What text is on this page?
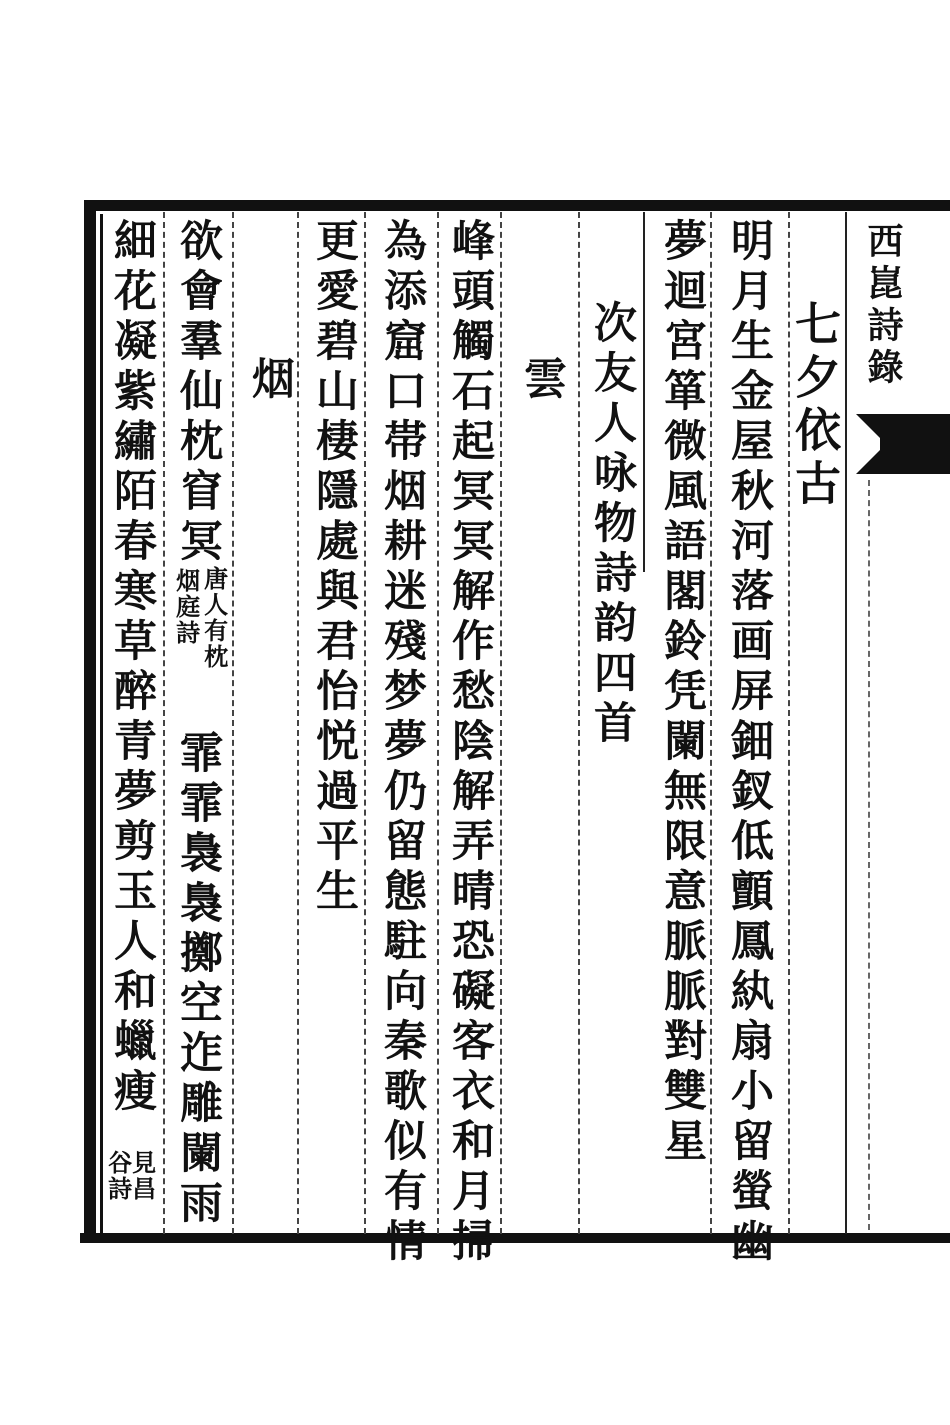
西崑詩錄
七夕依古
明月生金屋秋河落画屏鈿釵低顫鳳紈扇小留螢幽
夢迴宮箪微風語閣鈴凭闌無限意脈脈對雙星
次友人咏物詩韵四首
雲
峰頭觸石起冥冥解作愁陰解弄晴恐礙客衣和月掃
為添窟口帯烟耕迷殘梦夢仍留態駐向秦歌似有情
更愛碧山棲隱處與君怡悦過平生
烟
欲會羣仙枕窅冥
唐人有枕
烟庭詩
霏霏裊裊擲空迮雕闌雨
細花凝紫繡陌春寒草醉青夢剪玉人和蠟瘦
見昌
谷詩
